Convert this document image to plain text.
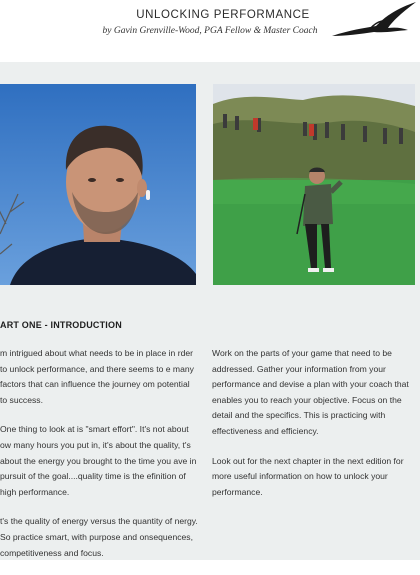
UNLOCKING PERFORMANCE
by Gavin Grenville-Wood, PGA Fellow & Master Coach
ART ONE - INTRODUCTION

m intrigued about what needs to be in place in rder to unlock performance, and there seems to e many factors that can influence the journey om potential to success.

One thing to look at is "smart effort". It's not about ow many hours you put in, it's about the quality, t's about the energy you brought to the time you ave in pursuit of the goal....quality time is the efinition of high performance.

t's the quality of energy versus the quantity of nergy. So practice smart, with purpose and onsequences, competitiveness and focus.

Work on the parts of your game that need to be addressed. Gather your information from your performance and devise a plan with your coach that enables you to reach your objective. Focus on the detail and the specifics. This is practicing with effectiveness and efficiency.

Look out for the next chapter in the next edition for more useful information on how to unlock your performance.
